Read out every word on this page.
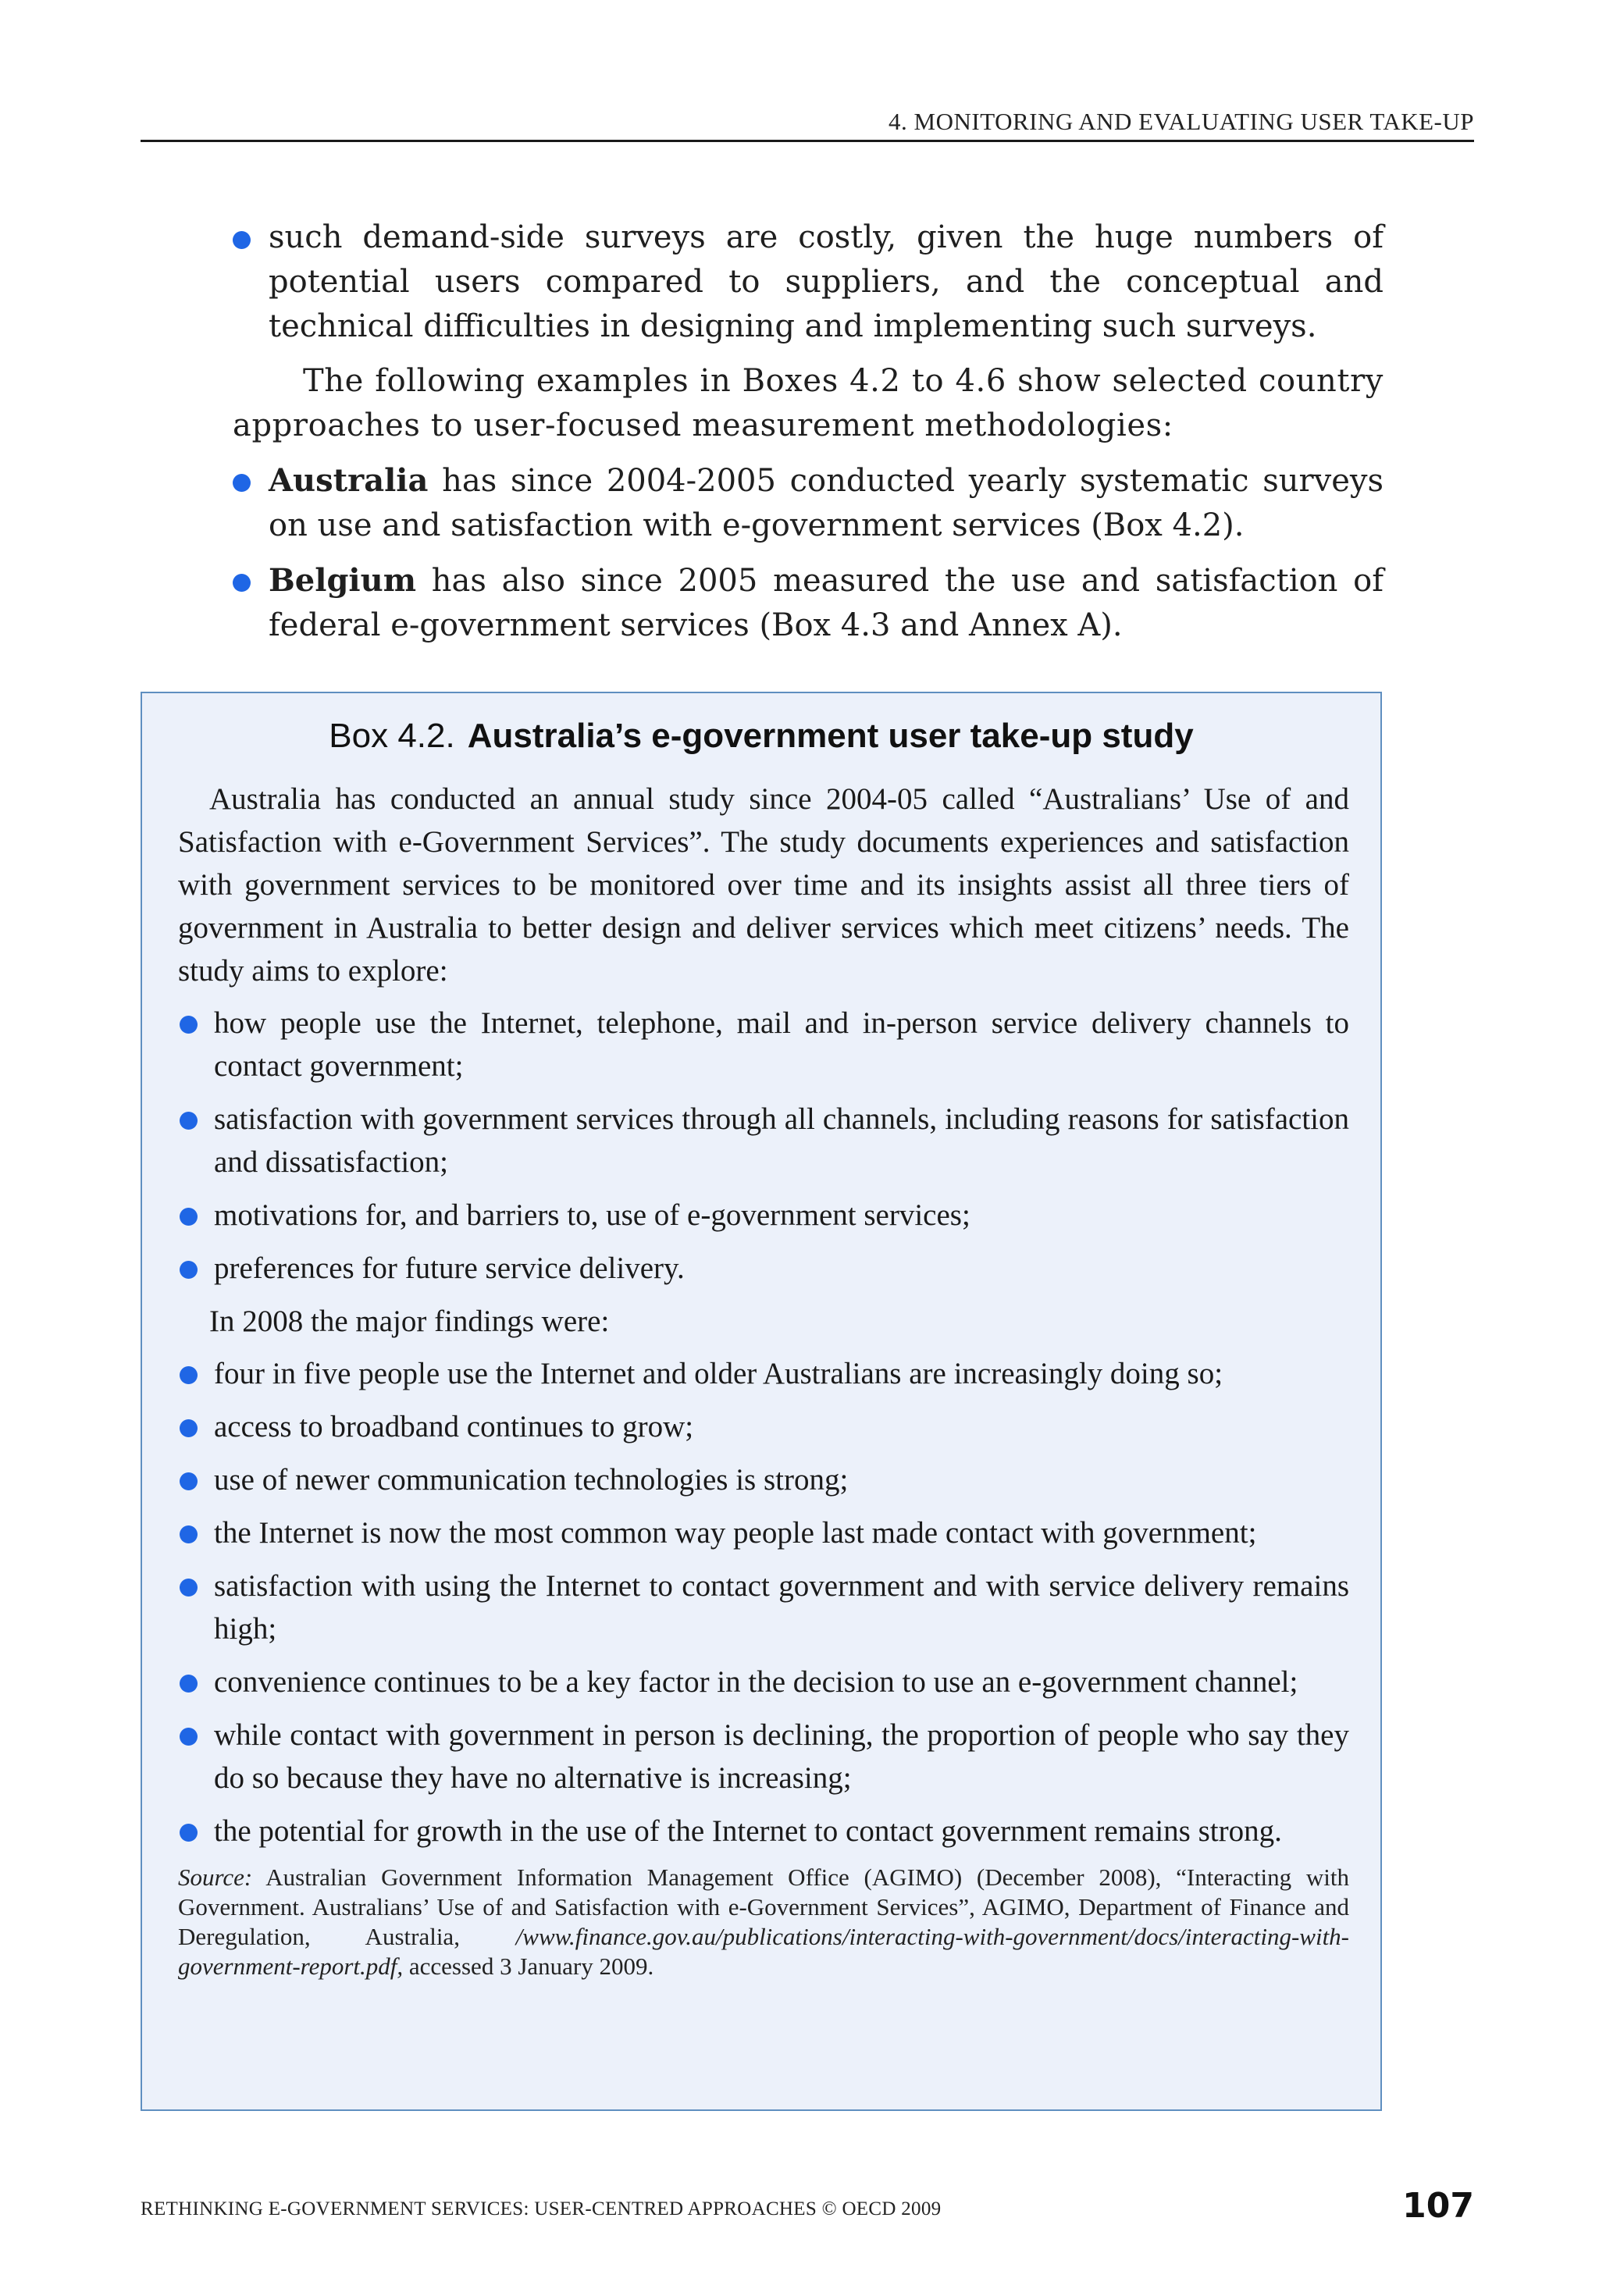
4. MONITORING AND EVALUATING USER TAKE-UP
such demand-side surveys are costly, given the huge numbers of potential users compared to suppliers, and the conceptual and technical difficulties in designing and implementing such surveys.

The following examples in Boxes 4.2 to 4.6 show selected country approaches to user-focused measurement methodologies:

Australia has since 2004-2005 conducted yearly systematic surveys on use and satisfaction with e-government services (Box 4.2).
Belgium has also since 2005 measured the use and satisfaction of federal e-government services (Box 4.3 and Annex A).
Box 4.2. Australia’s e-government user take-up study

Australia has conducted an annual study since 2004-05 called “Australians’ Use of and Satisfaction with e-Government Services”. The study documents experiences and satisfaction with government services to be monitored over time and its insights assist all three tiers of government in Australia to better design and deliver services which meet citizens’ needs. The study aims to explore:

how people use the Internet, telephone, mail and in-person service delivery channels to contact government;
satisfaction with government services through all channels, including reasons for satisfaction and dissatisfaction;
motivations for, and barriers to, use of e-government services;
preferences for future service delivery.

In 2008 the major findings were:

four in five people use the Internet and older Australians are increasingly doing so;
access to broadband continues to grow;
use of newer communication technologies is strong;
the Internet is now the most common way people last made contact with government;
satisfaction with using the Internet to contact government and with service delivery remains high;
convenience continues to be a key factor in the decision to use an e-government channel;
while contact with government in person is declining, the proportion of people who say they do so because they have no alternative is increasing;
the potential for growth in the use of the Internet to contact government remains strong.
Source: Australian Government Information Management Office (AGIMO) (December 2008), “Interacting with Government. Australians’ Use of and Satisfaction with e-Government Services”, AGIMO, Department of Finance and Deregulation, Australia, /www.finance.gov.au/publications/interacting-with-government/docs/interacting-with-government-report.pdf, accessed 3 January 2009.
RETHINKING E-GOVERNMENT SERVICES: USER-CENTRED APPROACHES © OECD 2009	107
